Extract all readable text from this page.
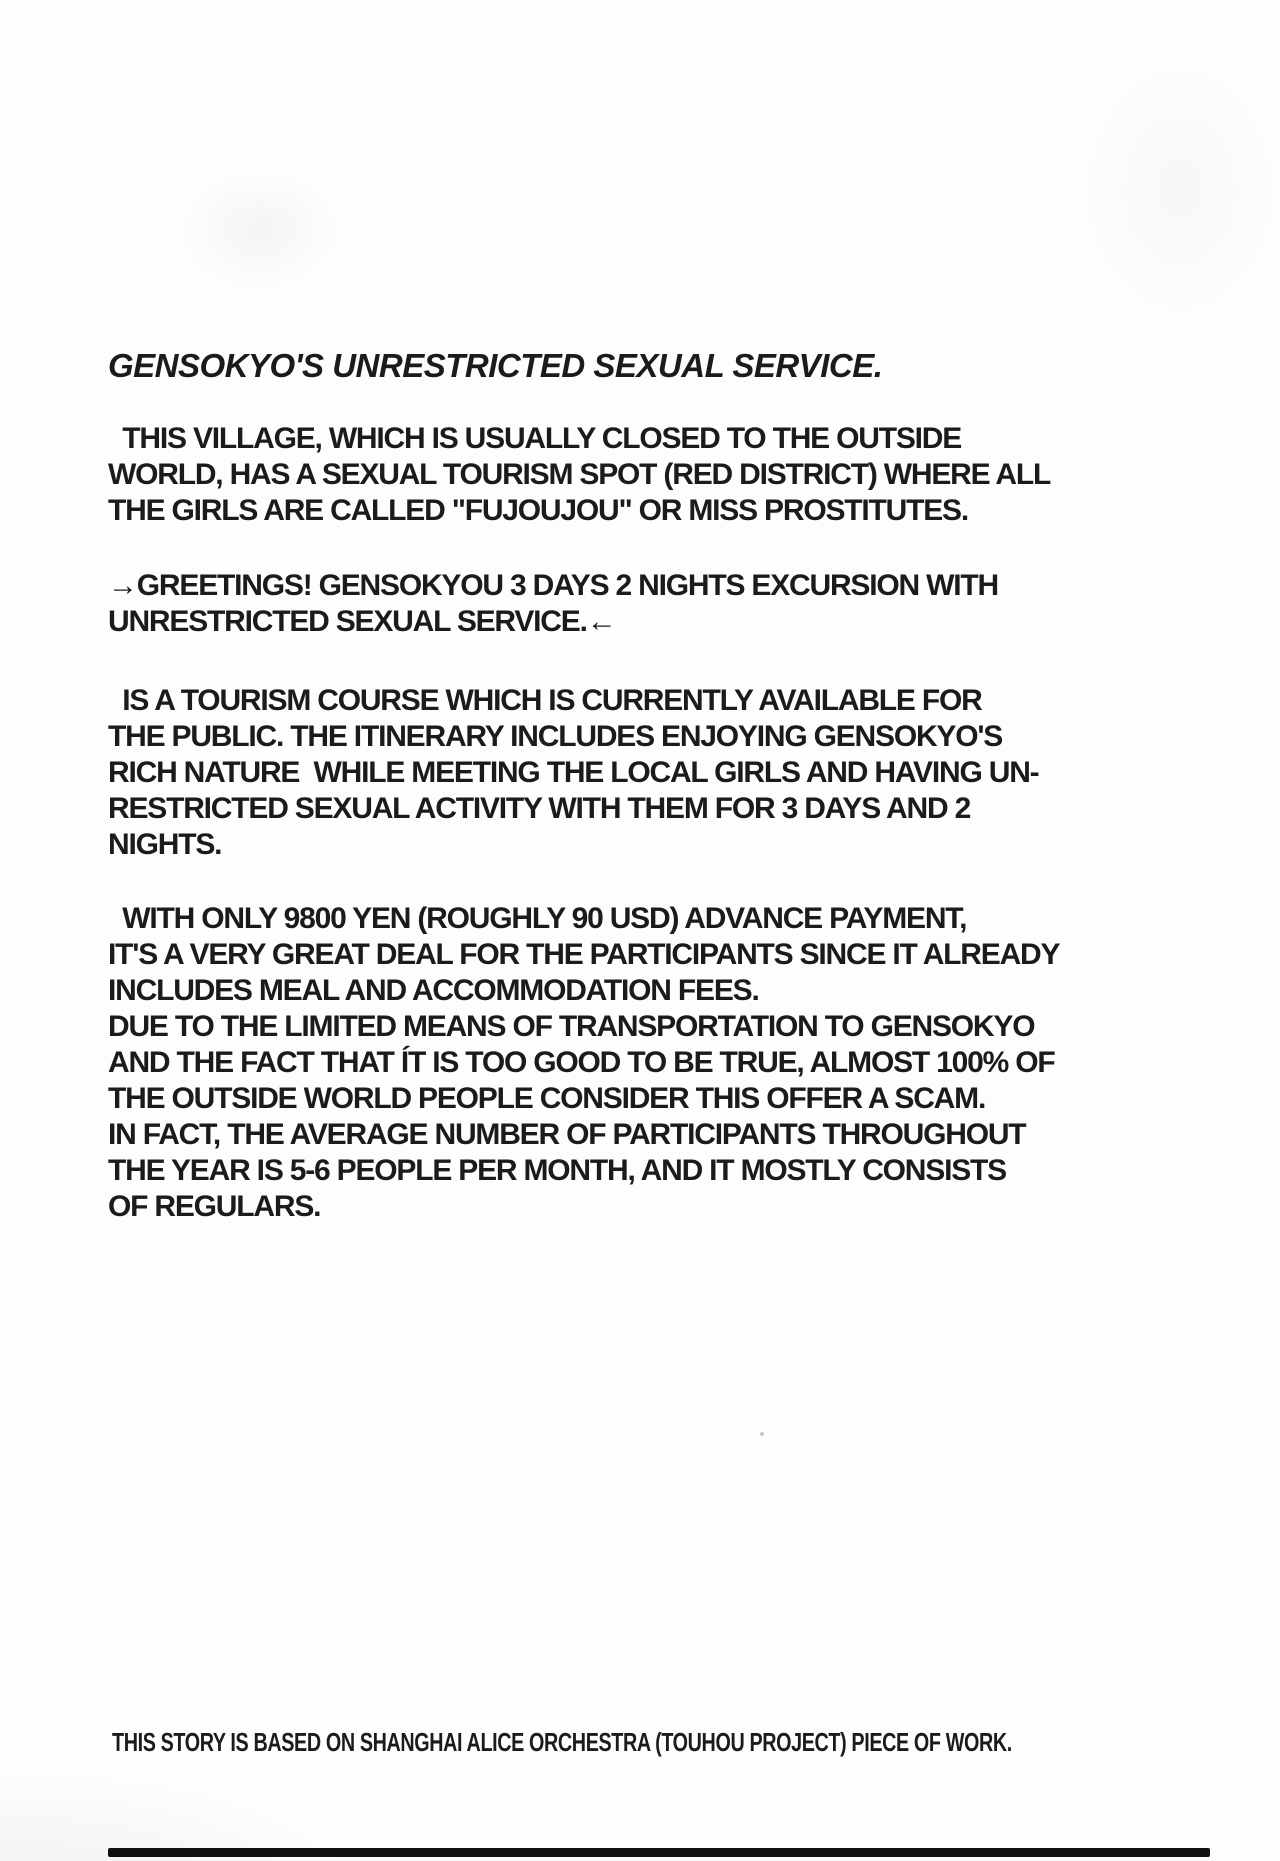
GENSOKYO'S UNRESTRICTED SEXUAL SERVICE.
THIS VILLAGE, WHICH IS USUALLY CLOSED TO THE OUTSIDE
WORLD, HAS A SEXUAL TOURISM SPOT (RED DISTRICT) WHERE ALL
THE GIRLS ARE CALLED "FUJOUJOU" OR MISS PROSTITUTES.
→GREETINGS! GENSOKYOU 3 DAYS 2 NIGHTS EXCURSION WITH
UNRESTRICTED SEXUAL SERVICE.←
IS A TOURISM COURSE WHICH IS CURRENTLY AVAILABLE FOR
THE PUBLIC. THE ITINERARY INCLUDES ENJOYING GENSOKYO'S
RICH NATURE  WHILE MEETING THE LOCAL GIRLS AND HAVING UN-
RESTRICTED SEXUAL ACTIVITY WITH THEM FOR 3 DAYS AND 2
NIGHTS.
WITH ONLY 9800 YEN (ROUGHLY 90 USD) ADVANCE PAYMENT,
IT'S A VERY GREAT DEAL FOR THE PARTICIPANTS SINCE IT ALREADY
INCLUDES MEAL AND ACCOMMODATION FEES.
DUE TO THE LIMITED MEANS OF TRANSPORTATION TO GENSOKYO
AND THE FACT THAT ÍT IS TOO GOOD TO BE TRUE, ALMOST 100% OF
THE OUTSIDE WORLD PEOPLE CONSIDER THIS OFFER A SCAM.
IN FACT, THE AVERAGE NUMBER OF PARTICIPANTS THROUGHOUT
THE YEAR IS 5-6 PEOPLE PER MONTH, AND IT MOSTLY CONSISTS
OF REGULARS.
THIS STORY IS BASED ON SHANGHAI ALICE ORCHESTRA (TOUHOU PROJECT) PIECE OF WORK.
